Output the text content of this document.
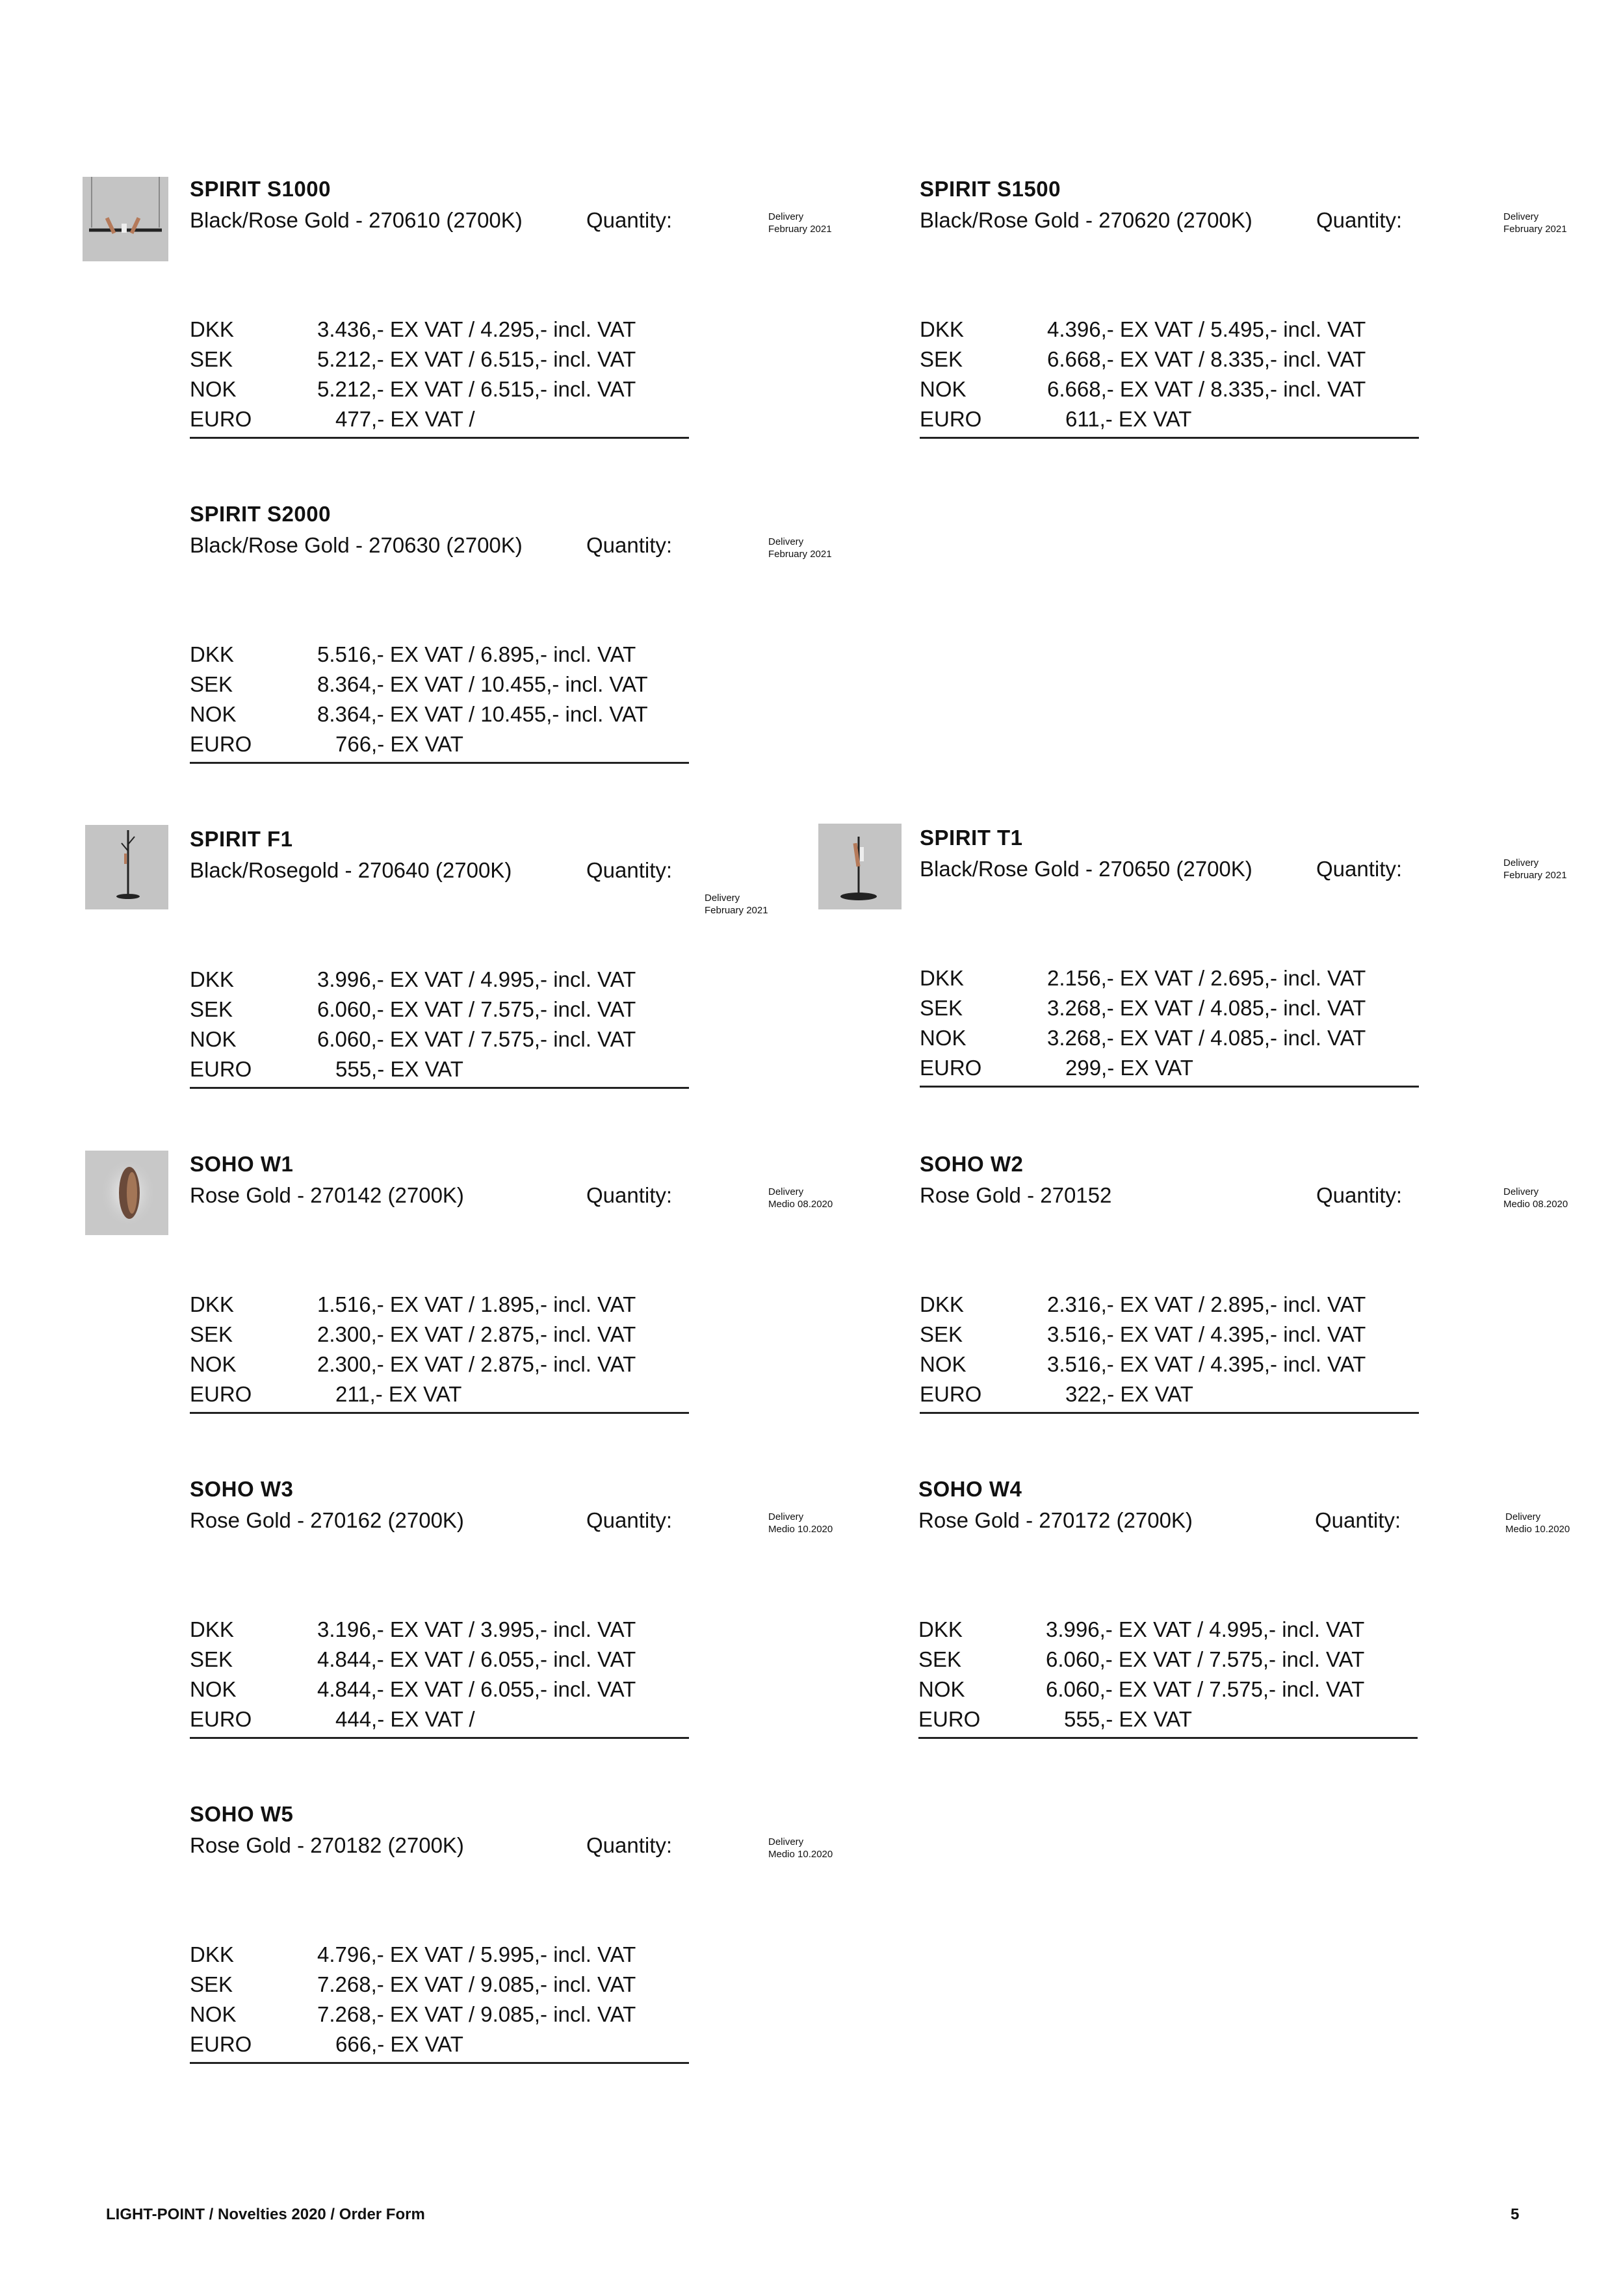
SPIRIT S1000
Black/Rose Gold - 270610 (2700K)	Quantity:	Delivery
February 2021
DKK	3.436,- EX VAT / 4.295,- incl. VAT
SEK	5.212,- EX VAT / 6.515,- incl. VAT
NOK	5.212,- EX VAT / 6.515,- incl. VAT
EURO	477,- EX VAT /
SPIRIT S1500
Black/Rose Gold - 270620 (2700K)	Quantity:	Delivery
February 2021
DKK	4.396,- EX VAT / 5.495,- incl. VAT
SEK	6.668,- EX VAT / 8.335,- incl. VAT
NOK	6.668,- EX VAT / 8.335,- incl. VAT
EURO	611,- EX VAT
SPIRIT S2000
Black/Rose Gold - 270630 (2700K)	Quantity:	Delivery
February 2021
DKK	5.516,- EX VAT / 6.895,- incl. VAT
SEK	8.364,- EX VAT / 10.455,- incl. VAT
NOK	8.364,- EX VAT / 10.455,- incl. VAT
EURO	766,- EX VAT
SPIRIT F1
Black/Rosegold - 270640 (2700K)	Quantity:
Delivery
February 2021
DKK	3.996,- EX VAT / 4.995,- incl. VAT
SEK	6.060,- EX VAT / 7.575,- incl. VAT
NOK	6.060,- EX VAT / 7.575,- incl. VAT
EURO	555,- EX VAT
SPIRIT T1
Black/Rose Gold - 270650 (2700K)	Quantity:	Delivery
February 2021
DKK	2.156,- EX VAT / 2.695,- incl. VAT
SEK	3.268,- EX VAT / 4.085,- incl. VAT
NOK	3.268,- EX VAT / 4.085,- incl. VAT
EURO	299,- EX VAT
SOHO W1
Rose Gold - 270142 (2700K)	Quantity:	Delivery
Medio 08.2020
DKK	1.516,- EX VAT / 1.895,- incl. VAT
SEK	2.300,- EX VAT / 2.875,- incl. VAT
NOK	2.300,- EX VAT / 2.875,- incl. VAT
EURO	211,- EX VAT
SOHO W2
Rose Gold - 270152	Quantity:	Delivery
Medio 08.2020
DKK	2.316,- EX VAT / 2.895,- incl. VAT
SEK	3.516,- EX VAT / 4.395,- incl. VAT
NOK	3.516,- EX VAT / 4.395,- incl. VAT
EURO	322,- EX VAT
SOHO W3
Rose Gold - 270162 (2700K)	Quantity:	Delivery
Medio 10.2020
DKK	3.196,- EX VAT / 3.995,- incl. VAT
SEK	4.844,- EX VAT / 6.055,- incl. VAT
NOK	4.844,- EX VAT / 6.055,- incl. VAT
EURO	444,- EX VAT /
SOHO W4
Rose Gold - 270172 (2700K)	Quantity:	Delivery
Medio 10.2020
DKK	3.996,- EX VAT / 4.995,- incl. VAT
SEK	6.060,- EX VAT / 7.575,- incl. VAT
NOK	6.060,- EX VAT / 7.575,- incl. VAT
EURO	555,- EX VAT
SOHO W5
Rose Gold - 270182 (2700K)	Quantity:	Delivery
Medio 10.2020
DKK	4.796,- EX VAT / 5.995,- incl. VAT
SEK	7.268,- EX VAT / 9.085,- incl. VAT
NOK	7.268,- EX VAT / 9.085,- incl. VAT
EURO	666,- EX VAT
LIGHT-POINT / Novelties 2020 / Order Form	5
